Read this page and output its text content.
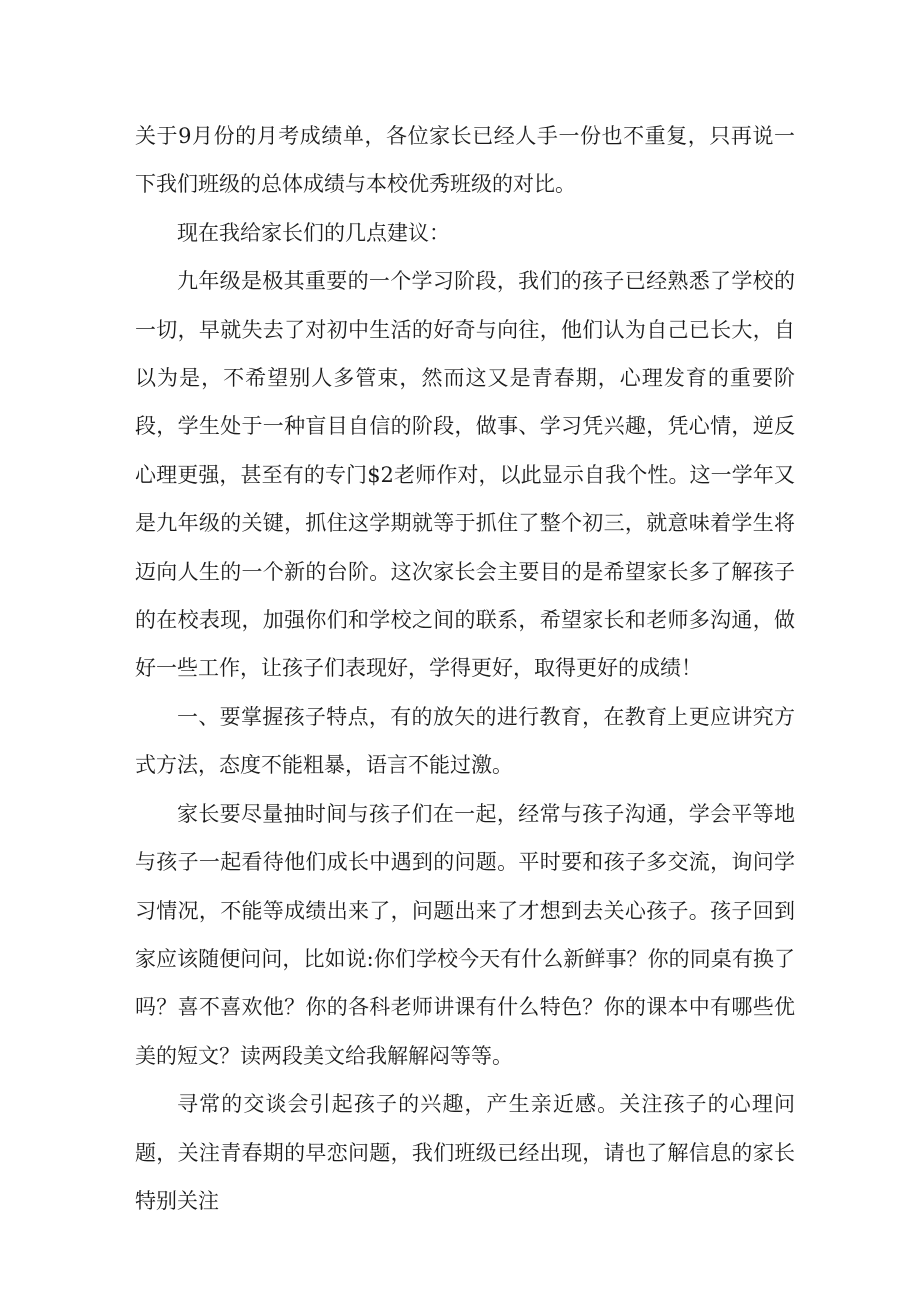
关于9月份的月考成绩单，各位家长已经人手一份也不重复，只再说一下我们班级的总体成绩与本校优秀班级的对比。

现在我给家长们的几点建议：

九年级是极其重要的一个学习阶段，我们的孩子已经熟悉了学校的一切，早就失去了对初中生活的好奇与向往，他们认为自己已长大，自以为是，不希望别人多管束，然而这又是青春期，心理发育的重要阶段，学生处于一种盲目自信的阶段，做事、学习凭兴趣，凭心情，逆反心理更强，甚至有的专门$2老师作对，以此显示自我个性。这一学年又是九年级的关键，抓住这学期就等于抓住了整个初三，就意味着学生将迈向人生的一个新的台阶。这次家长会主要目的是希望家长多了解孩子的在校表现，加强你们和学校之间的联系，希望家长和老师多沟通，做好一些工作，让孩子们表现好，学得更好，取得更好的成绩！

一、要掌握孩子特点，有的放矢的进行教育，在教育上更应讲究方式方法，态度不能粗暴，语言不能过激。

家长要尽量抽时间与孩子们在一起，经常与孩子沟通，学会平等地与孩子一起看待他们成长中遇到的问题。平时要和孩子多交流，询问学习情况，不能等成绩出来了，问题出来了才想到去关心孩子。孩子回到家应该随便问问，比如说:你们学校今天有什么新鲜事？你的同桌有换了吗？喜不喜欢他？你的各科老师讲课有什么特色？你的课本中有哪些优美的短文？读两段美文给我解解闷等等。

寻常的交谈会引起孩子的兴趣，产生亲近感。关注孩子的心理问题，关注青春期的早恋问题，我们班级已经出现，请也了解信息的家长特别关注
